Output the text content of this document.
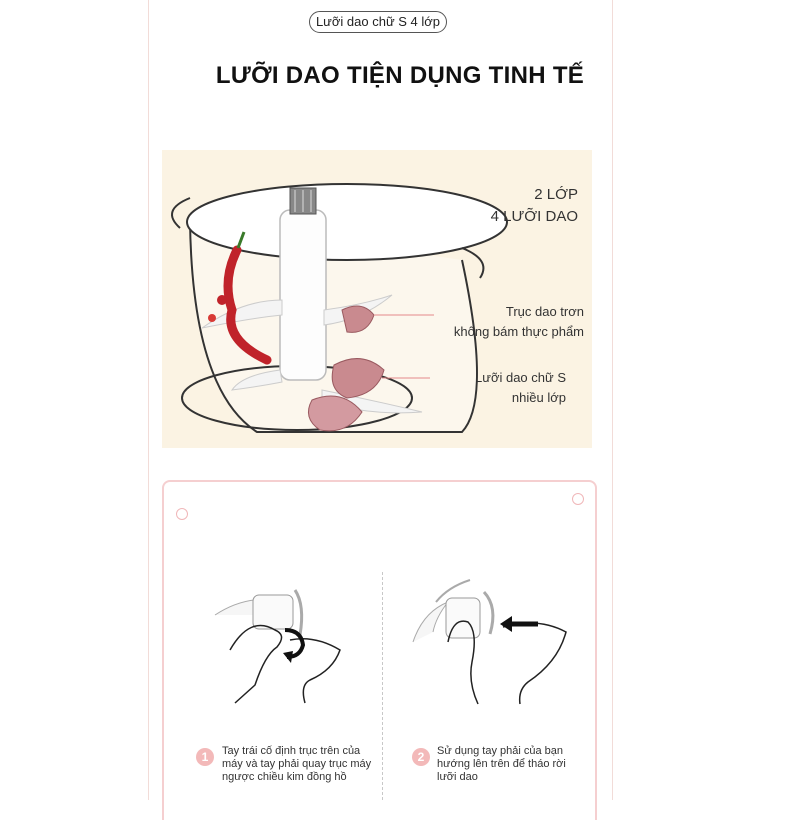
Lưỡi dao chữ S 4 lớp
LƯỠI DAO TIỆN DỤNG TINH TẾ
2 LỚP
4 LƯỠI DAO
Trục dao trơn
không bám thực phẩm
Lưỡi dao chữ S
nhiều lớp
1	Tay trái cố định trục trên của
máy và tay phải quay trục máy
ngược chiều kim đồng hồ
2	Sử dụng tay phải của bạn
hướng lên trên để tháo rời
lưỡi dao
